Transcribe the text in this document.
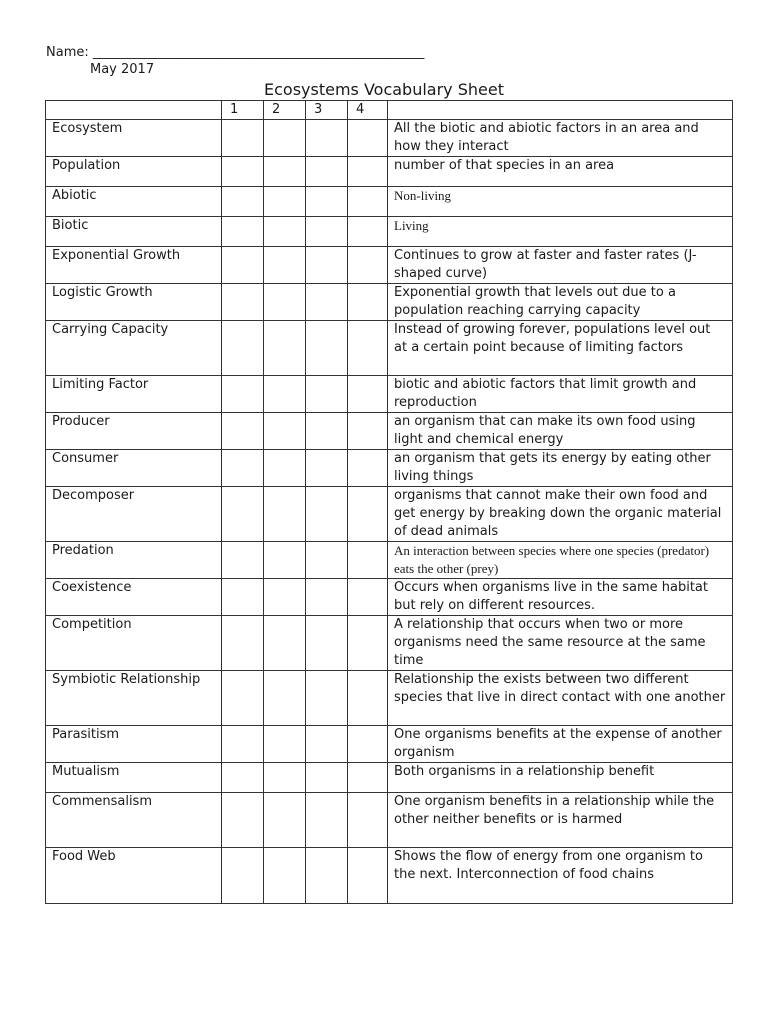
Name: ___________________________________________________
May 2017
Ecosystems Vocabulary Sheet
	1	2	3	4	
Ecosystem					All the biotic and abiotic factors in an area and how they interact
Population					number of that species in an area
Abiotic					Non-living
Biotic					Living
Exponential Growth					Continues to grow at faster and faster rates (J-shaped curve)
Logistic Growth					Exponential growth that levels out due to a population reaching carrying capacity
Carrying Capacity					Instead of growing forever, populations level out at a certain point because of limiting factors
Limiting Factor					biotic and abiotic factors that limit growth and reproduction
Producer					an organism that can make its own food using light and chemical energy
Consumer					an organism that gets its energy by eating other living things
Decomposer					organisms that cannot make their own food and get energy by breaking down the organic material of dead animals
Predation					An interaction between species where one species (predator) eats the other (prey)
Coexistence					Occurs when organisms live in the same habitat but rely on different resources.
Competition					A relationship that occurs when two or more organisms need the same resource at the same time
Symbiotic Relationship					Relationship the exists between two different species that live in direct contact with one another
Parasitism					One organisms benefits at the expense of another organism
Mutualism					Both organisms in a relationship benefit
Commensalism					One organism benefits in a relationship while the other neither benefits or is harmed
Food Web					Shows the flow of energy from one organism to the next. Interconnection of food chains
